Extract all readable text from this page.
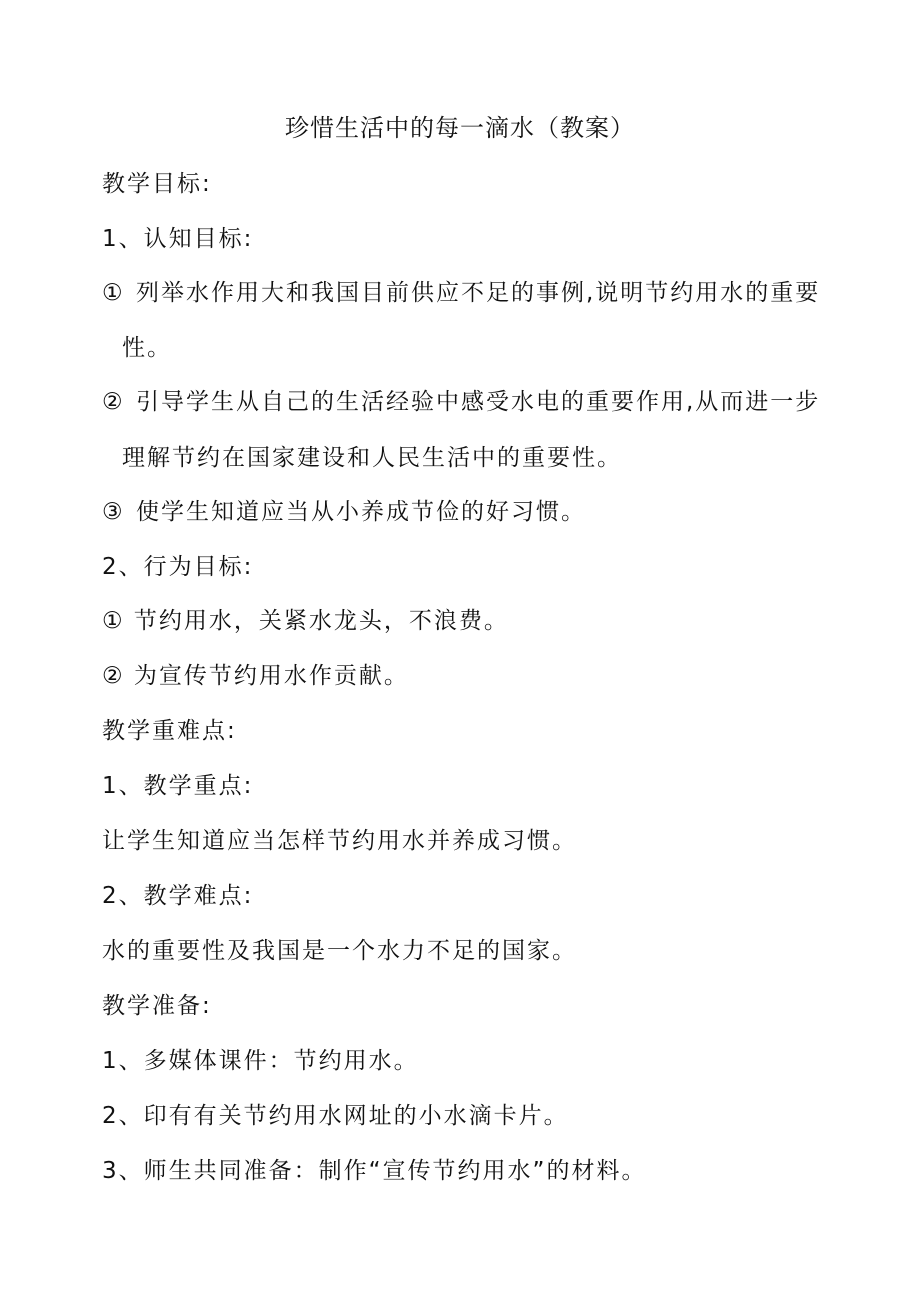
珍惜生活中的每一滴水（教案）
教学目标:
1、认知目标:
① 列举水作用大和我国目前供应不足的事例,说明节约用水的重要
性。
② 引导学生从自己的生活经验中感受水电的重要作用,从而进一步
理解节约在国家建设和人民生活中的重要性。
③ 使学生知道应当从小养成节俭的好习惯。
2、行为目标:
① 节约用水，关紧水龙头，不浪费。
② 为宣传节约用水作贡献。
教学重难点:
1、教学重点:
让学生知道应当怎样节约用水并养成习惯。
2、教学难点:
水的重要性及我国是一个水力不足的国家。
教学准备:
1、多媒体课件：节约用水。
2、印有有关节约用水网址的小水滴卡片。
3、师生共同准备：制作“宣传节约用水”的材料。
